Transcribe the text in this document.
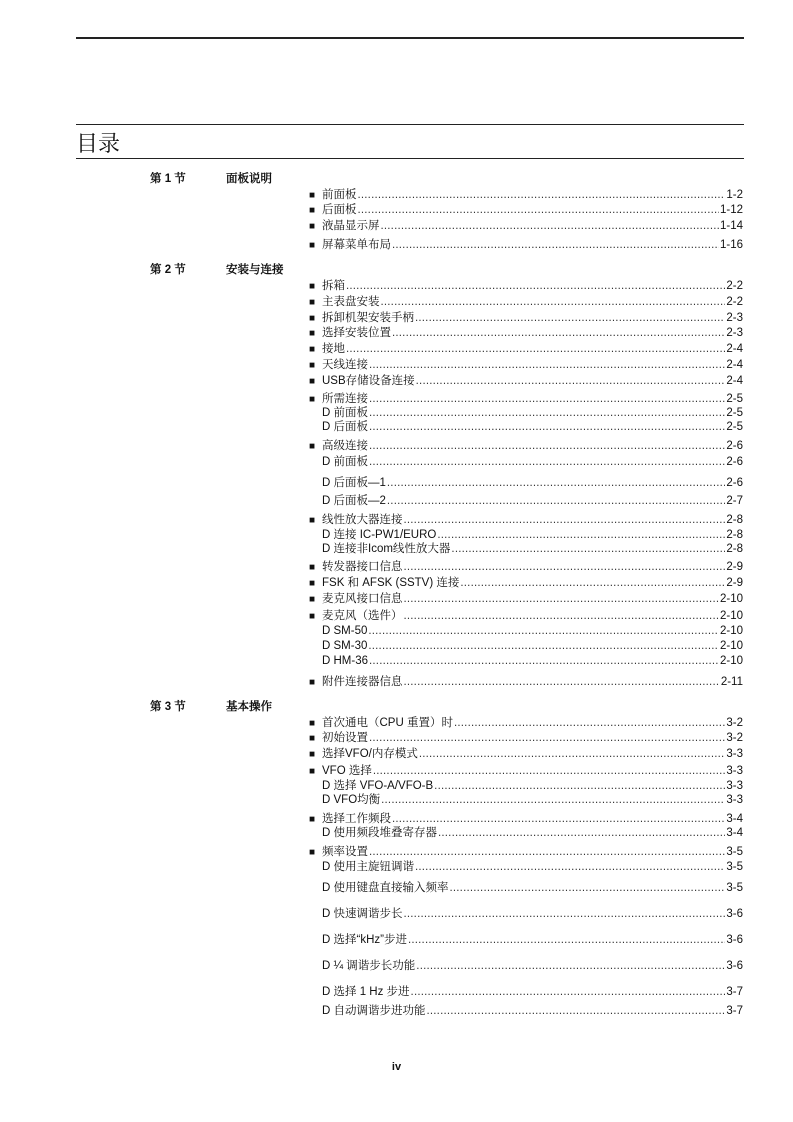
目录
第 1 节	面板说明
第 2 节	安装与连接
第 3 节	基本操作
■ 前面板 .....	1-2
■ 后面板 .....	1-12
■ 液晶显示屏 .....	1-14
■ 屏幕菜单布局 .....	1-16
■ 拆箱 .....	2-2
■ 主表盘安装 .....	2-2
■ 拆卸机架安装手柄 .....	2-3
■ 选择安装位置 .....	2-3
■ 接地 .....	2-4
■ 天线连接 .....	2-4
■ USB存储设备连接 .....	2-4
■ 所需连接 .....	2-5
D 前面板 .....	2-5
D 后面板 .....	2-5
■ 高级连接 .....	2-6
D 前面板 .....	2-6
D 后面板—1 .....	2-6
D 后面板—2 .....	2-7
■ 线性放大器连接 .....	2-8
D 连接 IC-PW1/EURO .....	2-8
D 连接非Icom线性放大器 .....	2-8
■ 转发器接口信息 .....	2-9
■ FSK 和 AFSK (SSTV) 连接 .....	2-9
■ 麦克风接口信息 .....	2-10
■ 麦克风（选件） .....	2-10
D SM-50 .....	2-10
D SM-30 .....	2-10
D HM-36 .....	2-10
■ 附件连接器信息 .....	2-11
■ 首次通电（CPU 重置）时 .....	3-2
■ 初始设置 .....	3-2
■ 选择VFO/内存模式 .....	3-3
■ VFO 选择 .....	3-3
D 选择 VFO-A/VFO-B .....	3-3
D VFO均衡 .....	3-3
■ 选择工作频段 .....	3-4
D 使用频段堆叠寄存器 .....	3-4
■ 频率设置 .....	3-5
D 使用主旋钮调谐 .....	3-5
D 使用键盘直接输入频率 .....	3-5
D 快速调谐步长 .....	3-6
D 选择“kHz”步进 .....	3-6
D ¼ 调谐步长功能 .....	3-6
D 选择 1 Hz 步进 .....	3-7
D 自动调谐步进功能 .....	3-7
iv
